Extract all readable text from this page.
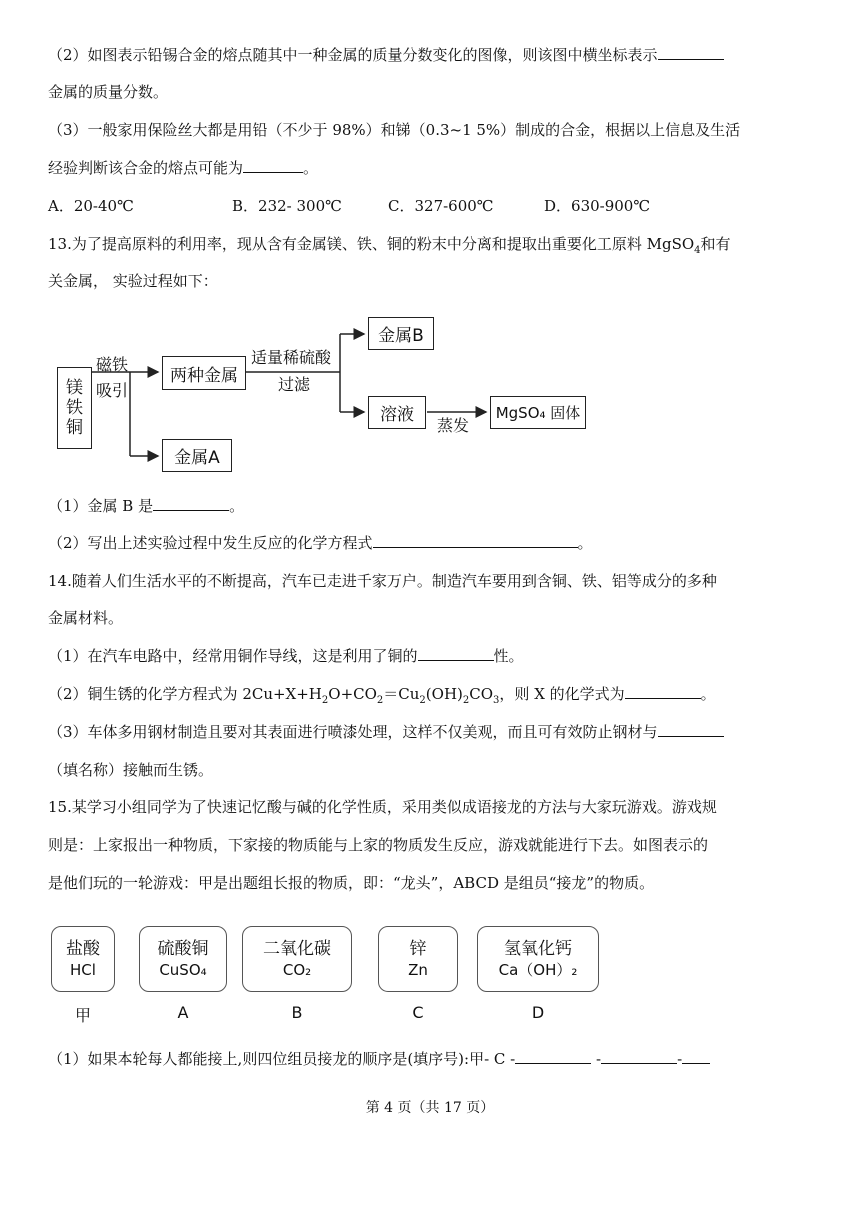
（2）如图表示铅锡合金的熔点随其中一种金属的质量分数变化的图像，则该图中横坐标表示
金属的质量分数。
（3）一般家用保险丝大都是用铅（不少于 98%）和锑（0.3~1 5%）制成的合金，根据以上信息及生活
经验判断该合金的熔点可能为	。
A．20-40℃	B．232- 300℃	C．327-600℃	D．630-900℃
13.为了提高原料的利用率，现从含有金属镁、铁、铜的粉末中分离和提取出重要化工原料 MgSO$_4$和有
关金属， 实验过程如下：
镁
铁
铜
磁铁
吸引
两种金属
金属A
适量稀硫酸
过滤
金属B
溶液
蒸发
MgSO₄ 固体
（1）金属 B 是	。
（2）写出上述实验过程中发生反应的化学方程式	。
14.随着人们生活水平的不断提高，汽车已走进千家万户。制造汽车要用到含铜、铁、铝等成分的多种
金属材料。
（1）在汽车电路中，经常用铜作导线，这是利用了铜的	性。
（2）铜生锈的化学方程式为 $2Cu+X+H_2O+CO_2=Cu_2(OH)_2CO_3$，则 X 的化学式为	。
（3）车体多用钢材制造且要对其表面进行喷漆处理，这样不仅美观，而且可有效防止钢材与
（填名称）接触而生锈。
15.某学习小组同学为了快速记忆酸与碱的化学性质，采用类似成语接龙的方法与大家玩游戏。游戏规
则是：上家报出一种物质，下家接的物质能与上家的物质发生反应，游戏就能进行下去。如图表示的
是他们玩的一轮游戏：甲是出题组长报的物质，即：“龙头”，ABCD 是组员“接龙”的物质。
盐酸
HCl
硫酸铜
CuSO₄
二氧化碳
CO₂
锌
Zn
氢氧化钙
Ca（OH）₂
甲	A	B	C	D
（1）如果本轮每人都能接上,则四位组员接龙的顺序是(填序号):甲- C -	-	-
第 4 页（共 17 页）
